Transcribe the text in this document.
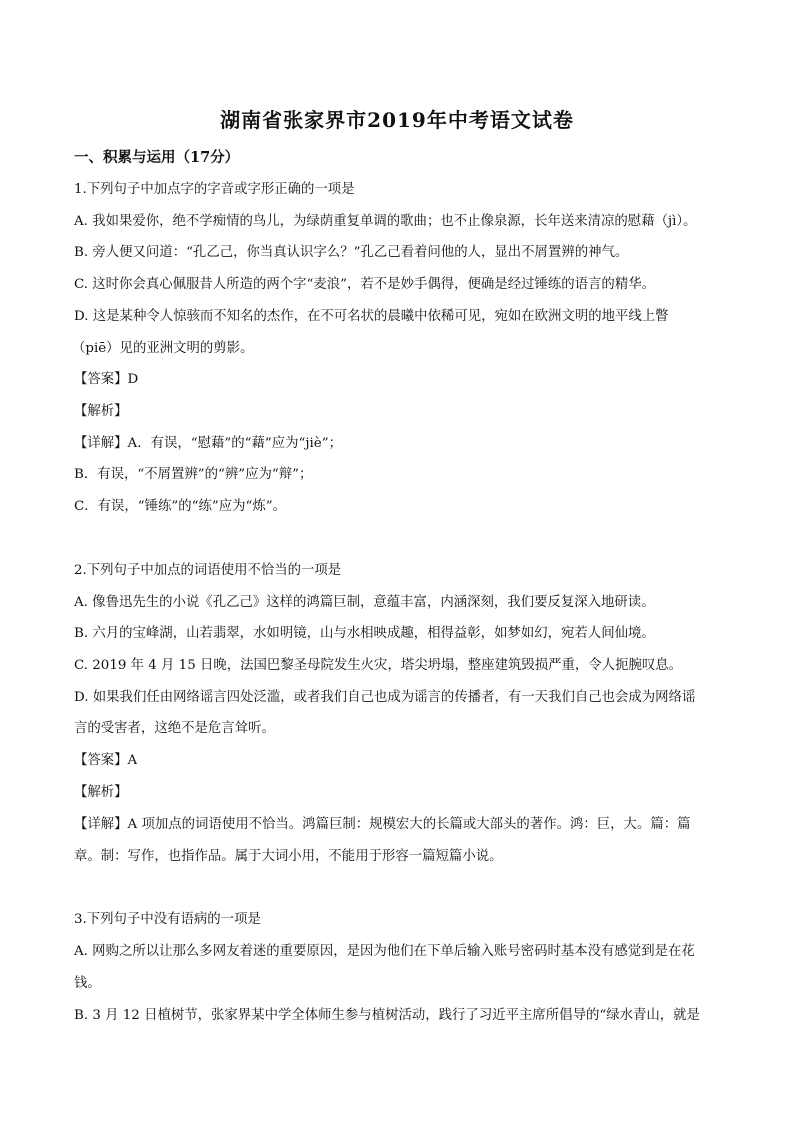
湖南省张家界市2019年中考语文试卷
一、积累与运用（17分）
1.下列句子中加点字的字音或字形正确的一项是
A. 我如果爱你，绝不学痴情的鸟儿，为绿荫重复单调的歌曲；也不止像泉源，长年送来清凉的慰藉（jì）。
B. 旁人便又问道：“孔乙己，你当真认识字么？”孔乙己看着问他的人，显出不屑置辨的神气。
C. 这时你会真心佩服昔人所造的两个字“麦浪”，若不是妙手偶得，便确是经过锤练的语言的精华。
D. 这是某种令人惊骇而不知名的杰作，在不可名状的晨曦中依稀可见，宛如在欧洲文明的地平线上瞥
（piē）见的亚洲文明的剪影。
【答案】D
【解析】
【详解】A．有误，“慰藉”的“藉”应为“jiè”；
B．有误，“不屑置辨”的“辨”应为“辩”；
C．有误，“锤练”的“练”应为“炼”。
2.下列句子中加点的词语使用不恰当的一项是
A. 像鲁迅先生的小说《孔乙己》这样的鸿篇巨制，意蕴丰富，内涵深刻，我们要反复深入地研读。
B. 六月的宝峰湖，山若翡翠，水如明镜，山与水相映成趣，相得益彰，如梦如幻，宛若人间仙境。
C. 2019 年 4 月 15 日晚，法国巴黎圣母院发生火灾，塔尖坍塌，整座建筑毁损严重，令人扼腕叹息。
D. 如果我们任由网络谣言四处泛滥，或者我们自己也成为谣言的传播者，有一天我们自己也会成为网络谣
言的受害者，这绝不是危言耸听。
【答案】A
【解析】
【详解】A 项加点的词语使用不恰当。鸿篇巨制：规模宏大的长篇或大部头的著作。鸿：巨，大。篇：篇
章。制：写作，也指作品。属于大词小用，不能用于形容一篇短篇小说。
3.下列句子中没有语病的一项是
A. 网购之所以让那么多网友着迷的重要原因，是因为他们在下单后输入账号密码时基本没有感觉到是在花
钱。
B. 3 月 12 日植树节，张家界某中学全体师生参与植树活动，践行了习近平主席所倡导的“绿水青山，就是
